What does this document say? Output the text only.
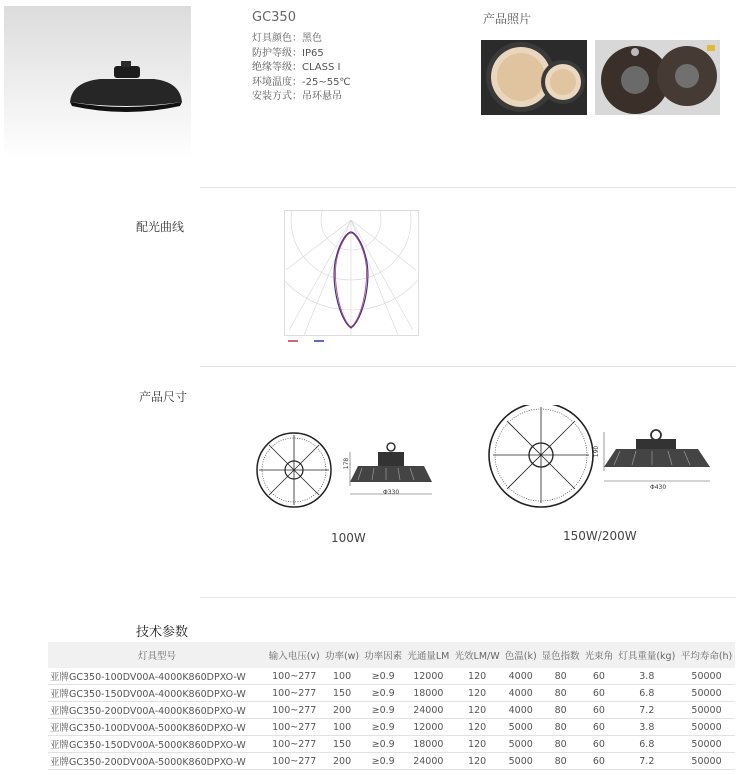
GC350
灯具颜色：黑色
防护等级：IP65
绝缘等级：CLASS I
环境温度：-25~55℃
安装方式：吊环悬吊
产品照片
配光曲线
产品尺寸
178
Φ330
100W
190
Φ430
150W/200W
技术参数
灯具型号	输入电压(v)	功率(w)	功率因素	光通量LM	光效LM/W	色温(k)	显色指数	光束角	灯具重量(kg)	平均寿命(h)
亚牌GC350-100DV00A-4000K860DPXO-W	100~277	100	≥0.9	12000	120	4000	80	60	3.8	50000
亚牌GC350-150DV00A-4000K860DPXO-W	100~277	150	≥0.9	18000	120	4000	80	60	6.8	50000
亚牌GC350-200DV00A-4000K860DPXO-W	100~277	200	≥0.9	24000	120	4000	80	60	7.2	50000
亚牌GC350-100DV00A-5000K860DPXO-W	100~277	100	≥0.9	12000	120	5000	80	60	3.8	50000
亚牌GC350-150DV00A-5000K860DPXO-W	100~277	150	≥0.9	18000	120	5000	80	60	6.8	50000
亚牌GC350-200DV00A-5000K860DPXO-W	100~277	200	≥0.9	24000	120	5000	80	60	7.2	50000
